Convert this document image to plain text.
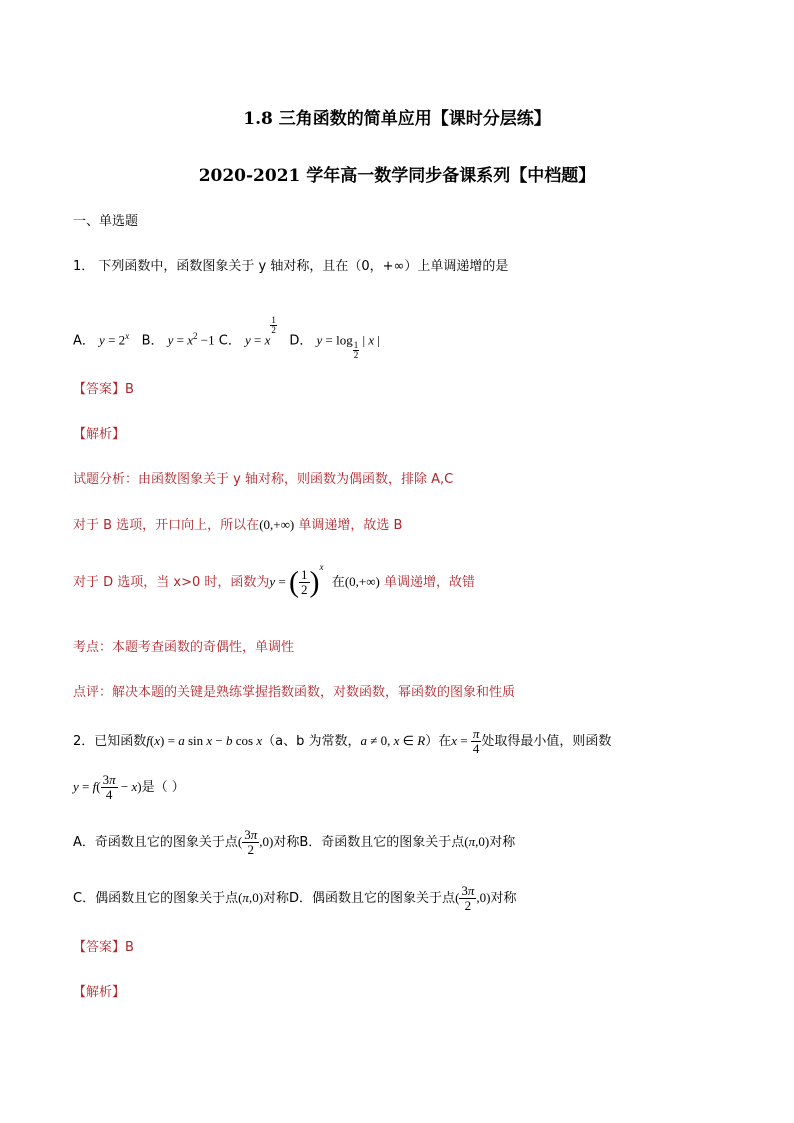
1.8 三角函数的简单应用【课时分层练】
2020-2021 学年高一数学同步备课系列【中档题】
一、单选题
1． 下列函数中，函数图象关于 y 轴对称，且在（0，+∞）上单调递增的是
A． $y = 2^x$ B． $y = x^2 -1$ C． y = x
$^{\frac{1}{2}}$
D． y = log
$_{\frac{1}{2}}$
| x |
【答案】B
【解析】
试题分析：由函数图象关于 y 轴对称，则函数为偶函数，排除 A,C
对于 B 选项，开口向上，所以在(0,+∞) 单调递增，故选 B
对于 D 选项，当 x>0 时，函数为y = ( $\frac{1}{2} )^x$  在(0,+∞) 单调递增，故错
考点：本题考查函数的奇偶性，单调性
点评：解决本题的关键是熟练掌握指数函数，对数函数，幂函数的图象和性质
2．已知函数f(x) = a sin x − b cos x（a、b 为常数，a ≠ 0, x ∈ R）在$x = \frac{\pi}{4}$ 处取得最小值，则函数
$y = f( \frac{3\pi}{4} - x)$是（ ）
A．奇函数且它的图象关于点( $\frac{3\pi}{2} ,0$)对称B．奇函数且它的图象关于点(π,0)对称
C．偶函数且它的图象关于点(π,0)对称D．偶函数且它的图象关于点( $\frac{3\pi}{2} ,0$)对称
【答案】B
【解析】
